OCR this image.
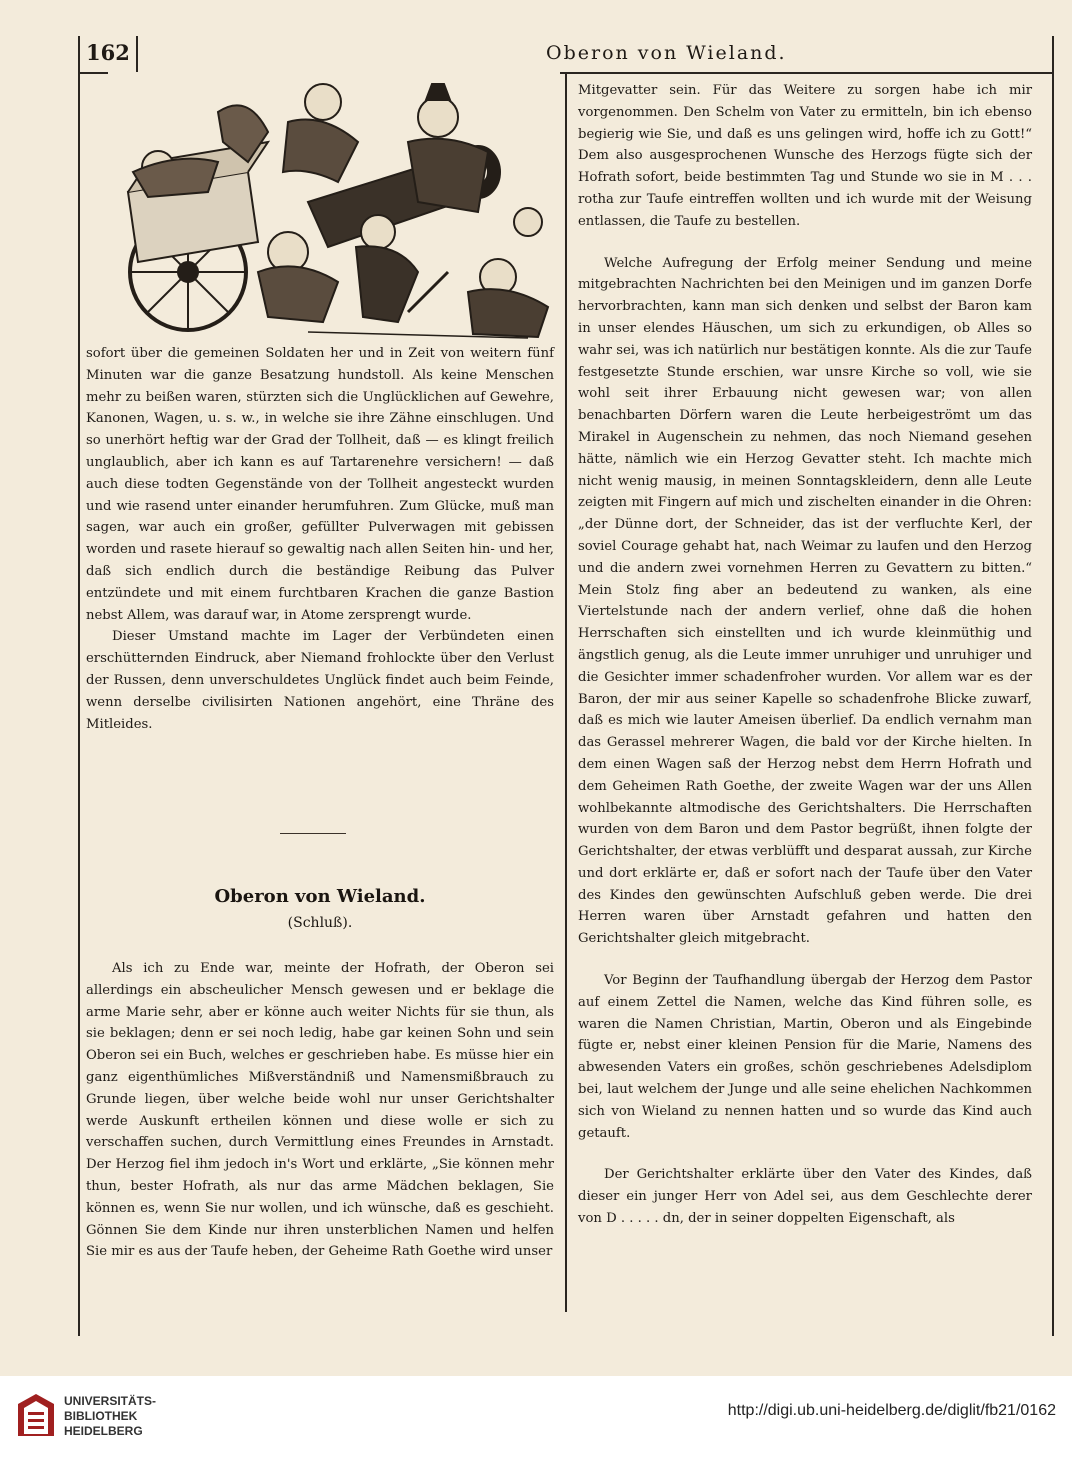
162	Oberon von Wieland.

sofort über die gemeinen Soldaten her und in Zeit von weitern fünf Minuten war die ganze Besatzung hundstoll. Als keine Menschen mehr zu beißen waren, stürzten sich die Unglücklichen auf Gewehre, Kanonen, Wagen, u. s. w., in welche sie ihre Zähne einschlugen. Und so unerhört heftig war der Grad der Tollheit, daß — es klingt freilich unglaublich, aber ich kann es auf Tartarenehre versichern! — daß auch diese todten Gegenstände von der Tollheit angesteckt wurden und wie rasend unter einander herumfuhren. Zum Glücke, muß man sagen, war auch ein großer, gefüllter Pulverwagen mit gebissen worden und rasete hierauf so gewaltig nach allen Seiten hin- und her, daß sich endlich durch die beständige Reibung das Pulver entzündete und mit einem furchtbaren Krachen die ganze Bastion nebst Allem, was darauf war, in Atome zersprengt wurde.

Dieser Umstand machte im Lager der Verbündeten einen erschütternden Eindruck, aber Niemand frohlockte über den Verlust der Russen, denn unverschuldetes Unglück findet auch beim Feinde, wenn derselbe civilisirten Nationen angehört, eine Thräne des Mitleides.

Oberon von Wieland.
(Schluß).

Als ich zu Ende war, meinte der Hofrath, der Oberon sei allerdings ein abscheulicher Mensch gewesen und er beklage die arme Marie sehr, aber er könne auch weiter Nichts für sie thun, als sie beklagen; denn er sei noch ledig, habe gar keinen Sohn und sein Oberon sei ein Buch, welches er geschrieben habe. Es müsse hier ein ganz eigenthümliches Mißverständniß und Namensmißbrauch zu Grunde liegen, über welche beide wohl nur unser Gerichtshalter werde Auskunft ertheilen können und diese wolle er sich zu verschaffen suchen, durch Vermittlung eines Freundes in Arnstadt. Der Herzog fiel ihm jedoch in's Wort und erklärte, „Sie können mehr thun, bester Hofrath, als nur das arme Mädchen beklagen, Sie können es, wenn Sie nur wollen, und ich wünsche, daß es geschieht. Gönnen Sie dem Kinde nur ihren unsterblichen Namen und helfen Sie mir es aus der Taufe heben, der Geheime Rath Goethe wird unser

Mitgevatter sein. Für das Weitere zu sorgen habe ich mir vorgenommen. Den Schelm von Vater zu ermitteln, bin ich ebenso begierig wie Sie, und daß es uns gelingen wird, hoffe ich zu Gott!“ Dem also ausgesprochenen Wunsche des Herzogs fügte sich der Hofrath sofort, beide bestimmten Tag und Stunde wo sie in M . . . rotha zur Taufe eintreffen wollten und ich wurde mit der Weisung entlassen, die Taufe zu bestellen.

Welche Aufregung der Erfolg meiner Sendung und meine mitgebrachten Nachrichten bei den Meinigen und im ganzen Dorfe hervorbrachten, kann man sich denken und selbst der Baron kam in unser elendes Häuschen, um sich zu erkundigen, ob Alles so wahr sei, was ich natürlich nur bestätigen konnte. Als die zur Taufe festgesetzte Stunde erschien, war unsre Kirche so voll, wie sie wohl seit ihrer Erbauung nicht gewesen war; von allen benachbarten Dörfern waren die Leute herbeigeströmt um das Mirakel in Augenschein zu nehmen, das noch Niemand gesehen hätte, nämlich wie ein Herzog Gevatter steht. Ich machte mich nicht wenig mausig, in meinen Sonntagskleidern, denn alle Leute zeigten mit Fingern auf mich und zischelten einander in die Ohren: „der Dünne dort, der Schneider, das ist der verfluchte Kerl, der soviel Courage gehabt hat, nach Weimar zu laufen und den Herzog und die andern zwei vornehmen Herren zu Gevattern zu bitten.“ Mein Stolz fing aber an bedeutend zu wanken, als eine Viertelstunde nach der andern verlief, ohne daß die hohen Herrschaften sich einstellten und ich wurde kleinmüthig und ängstlich genug, als die Leute immer unruhiger und unruhiger und die Gesichter immer schadenfroher wurden. Vor allem war es der Baron, der mir aus seiner Kapelle so schadenfrohe Blicke zuwarf, daß es mich wie lauter Ameisen überlief. Da endlich vernahm man das Gerassel mehrerer Wagen, die bald vor der Kirche hielten. In dem einen Wagen saß der Herzog nebst dem Herrn Hofrath und dem Geheimen Rath Goethe, der zweite Wagen war der uns Allen wohlbekannte altmodische des Gerichtshalters. Die Herrschaften wurden von dem Baron und dem Pastor begrüßt, ihnen folgte der Gerichtshalter, der etwas verblüfft und desparat aussah, zur Kirche und dort erklärte er, daß er sofort nach der Taufe über den Vater des Kindes den gewünschten Aufschluß geben werde. Die drei Herren waren über Arnstadt gefahren und hatten den Gerichtshalter gleich mitgebracht.

Vor Beginn der Taufhandlung übergab der Herzog dem Pastor auf einem Zettel die Namen, welche das Kind führen solle, es waren die Namen Christian, Martin, Oberon und als Eingebinde fügte er, nebst einer kleinen Pension für die Marie, Namens des abwesenden Vaters ein großes, schön geschriebenes Adelsdiplom bei, laut welchem der Junge und alle seine ehelichen Nachkommen sich von Wieland zu nennen hatten und so wurde das Kind auch getauft.

Der Gerichtshalter erklärte über den Vater des Kindes, daß dieser ein junger Herr von Adel sei, aus dem Geschlechte derer von D . . . . . dn, der in seiner doppelten Eigenschaft, als

UNIVERSITÄTS-
BIBLIOTHEK
HEIDELBERG
http://digi.ub.uni-heidelberg.de/diglit/fb21/0162
